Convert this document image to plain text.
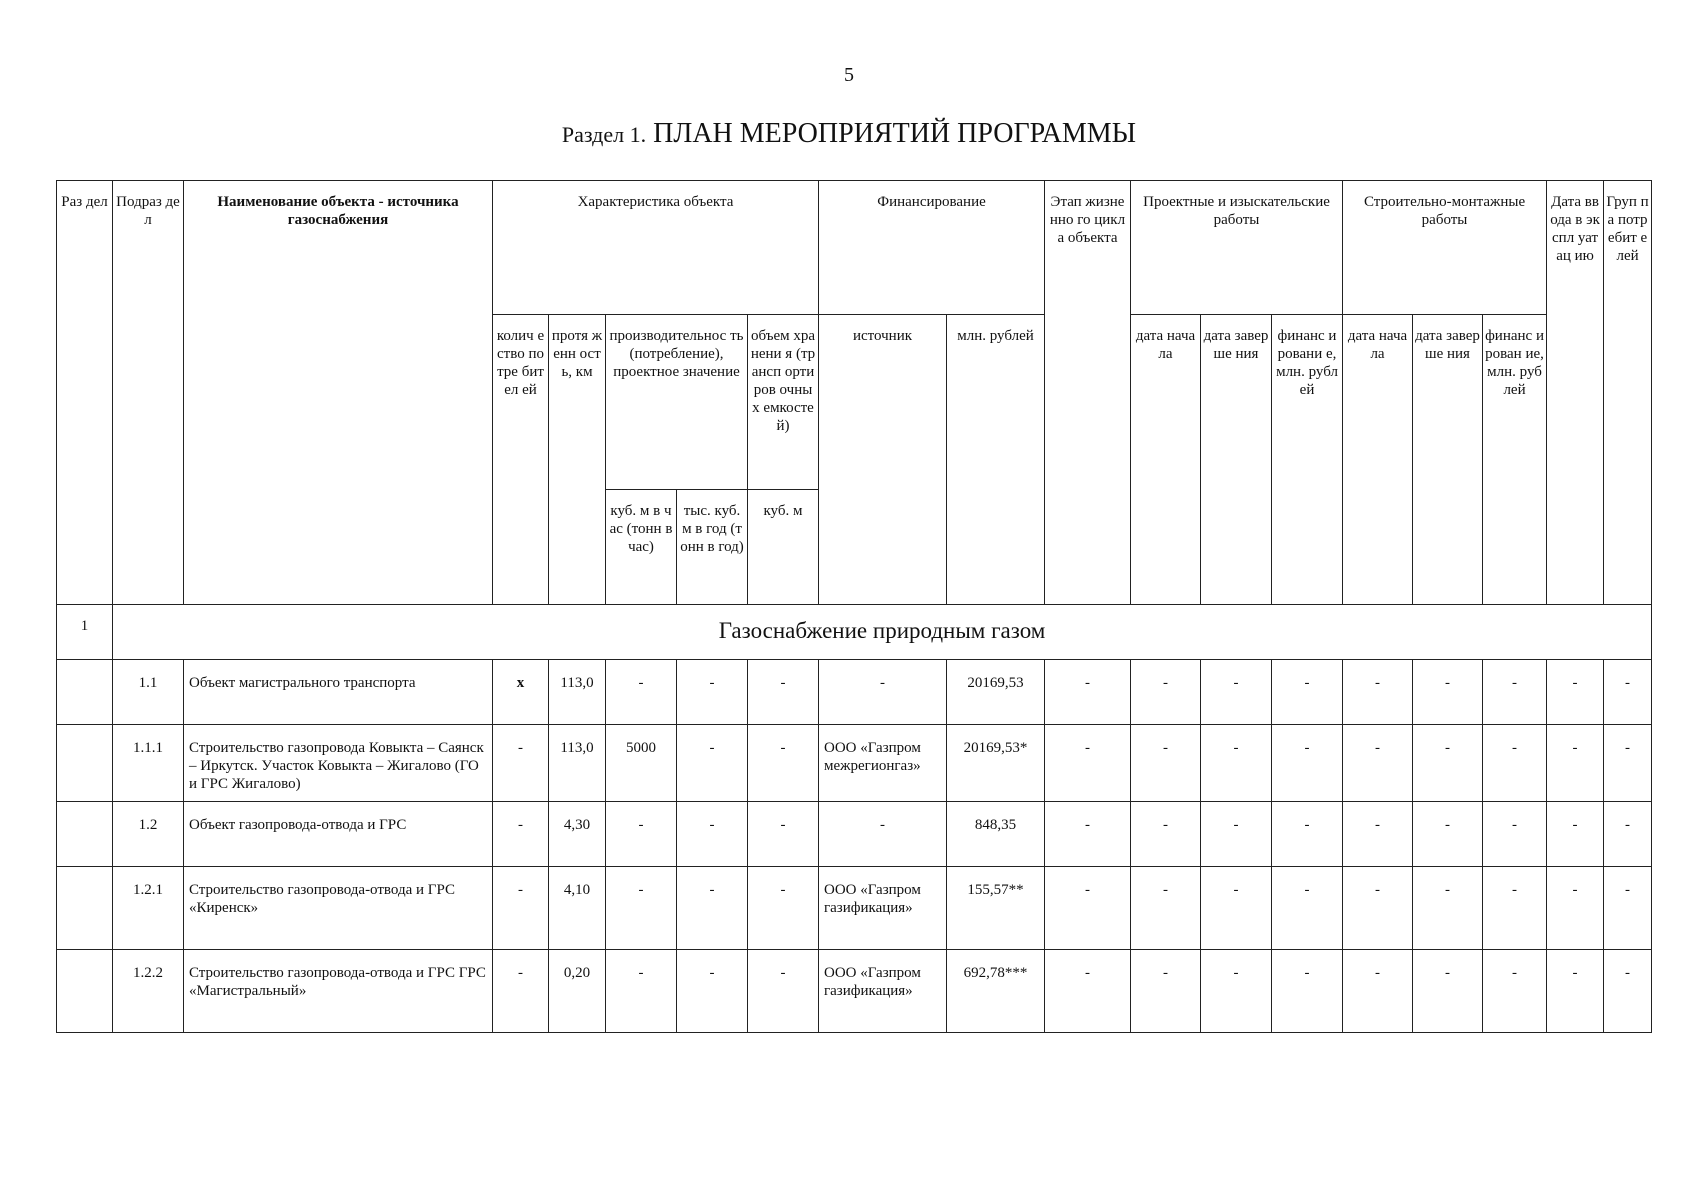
5
Раздел 1. ПЛАН МЕРОПРИЯТИЙ ПРОГРАММЫ
Раз дел	Подраз дел	Наименование объекта - источника газоснабжения	Характеристика объекта					Финансирование		Этап жизненно го цикла объекта	Проектные и изыскательские работы			Строительно-монтажные работы			Дата ввода в экспл уатац ию	Груп па потр ебит елей
			колич ество потре бител ей	протя женн ость, км	производительнос ть (потребление), проектное значение		объем хранени я (трансп ортиров очных емкосте й)	источник	млн. рублей		дата начала	дата заверше ния	финанс ировани е, млн. рублей	дата начала	дата заверше ния	финанс ирован ие, млн. рублей		
					куб. м в час (тонн в час)	тыс. куб. м в год (тонн в год)	куб. м											
1	Газоснабжение природным газом																	
	1.1	Объект магистрального транспорта	x	113,0	-	-	-	-	20169,53	-	-	-	-	-	-	-	-	-
	1.1.1	Строительство газопровода Ковыкта – Саянск – Иркутск. Участок Ковыкта – Жигалово (ГО и ГРС Жигалово)	-	113,0	5000	-	-	ООО «Газпром межрегионгаз»	20169,53*	-	-	-	-	-	-	-	-	-
	1.2	Объект газопровода-отвода и ГРС	-	4,30	-	-	-	-	848,35	-	-	-	-	-	-	-	-	-
	1.2.1	Строительство газопровода-отвода и ГРС «Киренск»	-	4,10	-	-	-	ООО «Газпром газификация»	155,57**	-	-	-	-	-	-	-	-	-
	1.2.2	Строительство газопровода-отвода и ГРС ГРС «Магистральный»	-	0,20	-	-	-	ООО «Газпром газификация»	692,78***	-	-	-	-	-	-	-	-	-
